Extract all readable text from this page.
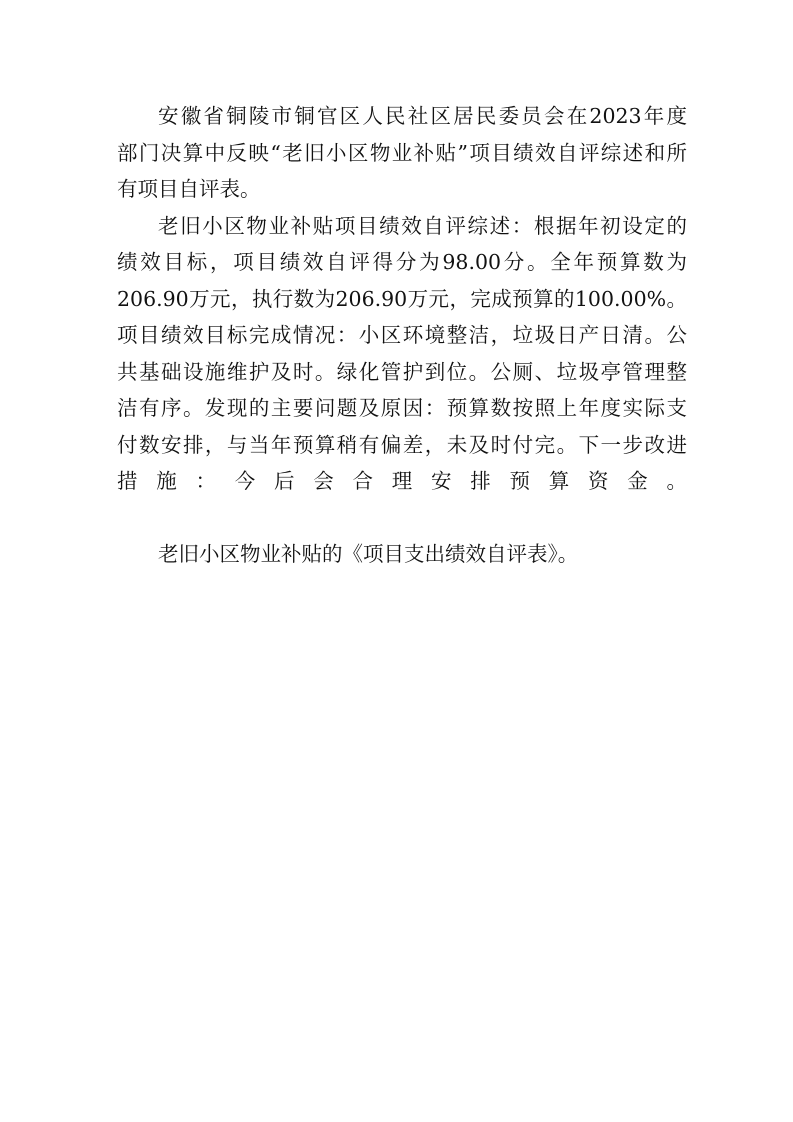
安徽省铜陵市铜官区人民社区居民委员会在2023年度
部门决算中反映“老旧小区物业补贴”项目绩效自评综述和所
有项目自评表。
老旧小区物业补贴项目绩效自评综述：根据年初设定的
绩效目标，项目绩效自评得分为98.00分。全年预算数为
206.90万元，执行数为206.90万元，完成预算的100.00%。
项目绩效目标完成情况：小区环境整洁，垃圾日产日清。公
共基础设施维护及时。绿化管护到位。公厕、垃圾亭管理整
洁有序。发现的主要问题及原因：预算数按照上年度实际支
付数安排，与当年预算稍有偏差，未及时付完。下一步改进
措施：今后会合理安排预算资金。
老旧小区物业补贴的《项目支出绩效自评表》。
